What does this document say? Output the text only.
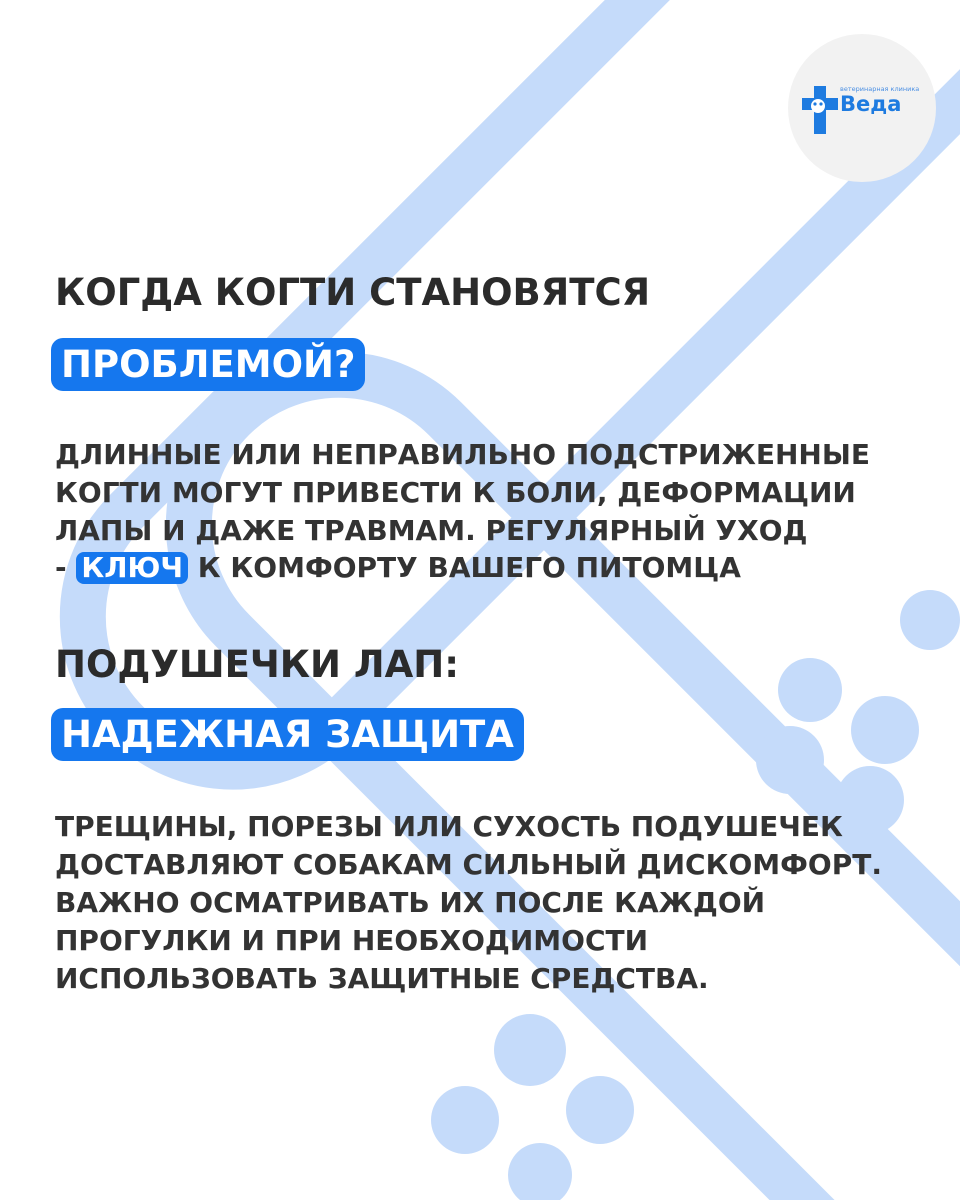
ветеринарная клиника
Веда
КОГДА КОГТИ СТАНОВЯТСЯ
ПРОБЛЕМОЙ?

ДЛИННЫЕ ИЛИ НЕПРАВИЛЬНО ПОДСТРИЖЕННЫЕ

КОГТИ МОГУТ ПРИВЕСТИ К БОЛИ, ДЕФОРМАЦИИ

ЛАПЫ И ДАЖЕ ТРАВМАМ. РЕГУЛЯРНЫЙ УХОД

- КЛЮЧ К КОМФОРТУ ВАШЕГО ПИТОМЦА

ПОДУШЕЧКИ ЛАП:
НАДЕЖНАЯ ЗАЩИТА

ТРЕЩИНЫ, ПОРЕЗЫ ИЛИ СУХОСТЬ ПОДУШЕЧЕК

ДОСТАВЛЯЮТ СОБАКАМ СИЛЬНЫЙ ДИСКОМФОРТ.

ВАЖНО ОСМАТРИВАТЬ ИХ ПОСЛЕ КАЖДОЙ

ПРОГУЛКИ И ПРИ НЕОБХОДИМОСТИ

ИСПОЛЬЗОВАТЬ ЗАЩИТНЫЕ СРЕДСТВА.
